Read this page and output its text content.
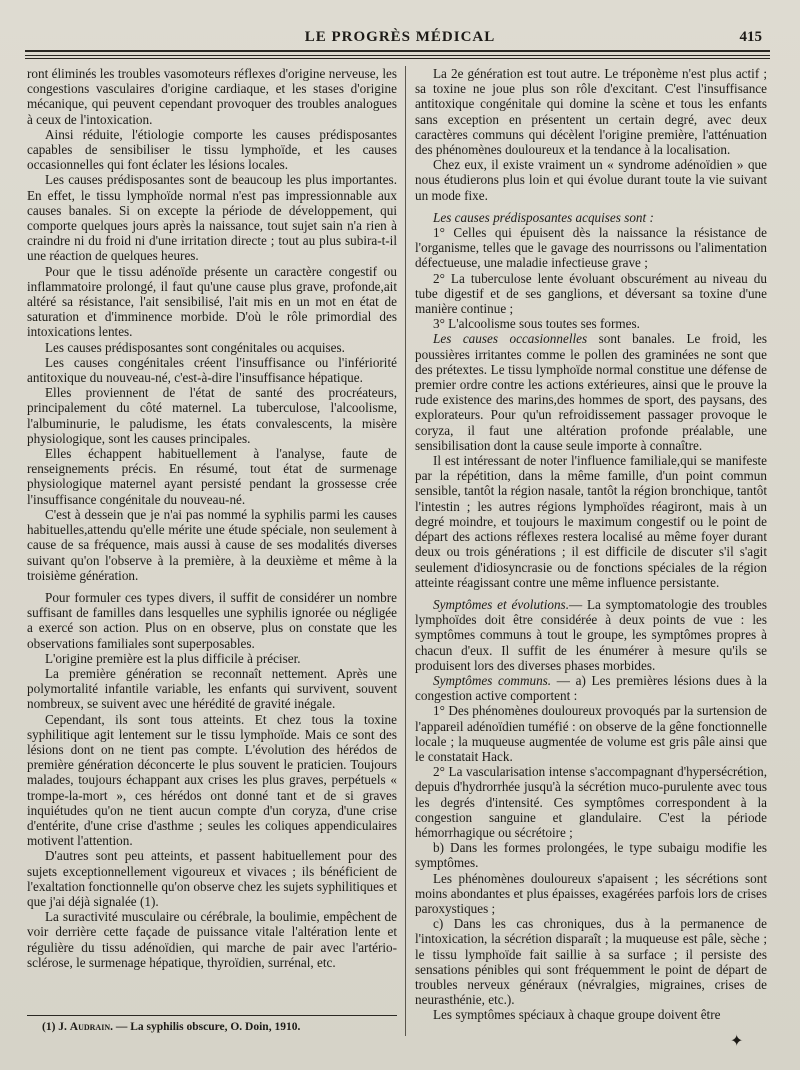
LE PROGRÈS MÉDICAL	415

ront éliminés les troubles vasomoteurs réflexes d'origine nerveuse, les congestions vasculaires d'origine cardiaque, et les stases d'origine mécanique, qui peuvent cependant provoquer des troubles analogues à ceux de l'intoxication.

Ainsi réduite, l'étiologie comporte les causes prédisposantes capables de sensibiliser le tissu lymphoïde, et les causes occasionnelles qui font éclater les lésions locales.

Les causes prédisposantes sont de beaucoup les plus importantes. En effet, le tissu lymphoïde normal n'est pas impressionnable aux causes banales. Si on excepte la période de développement, qui comporte quelques jours après la naissance, tout sujet sain n'a rien à craindre ni du froid ni d'une irritation directe ; tout au plus subira-t-il une réaction de quelques heures.

Pour que le tissu adénoïde présente un caractère congestif ou inflammatoire prolongé, il faut qu'une cause plus grave, profonde,ait altéré sa résistance, l'ait sensibilisé, l'ait mis en un mot en état de saturation et d'imminence morbide. D'où le rôle primordial des intoxications lentes.

Les causes prédisposantes sont congénitales ou acquises.

Les causes congénitales créent l'insuffisance ou l'infériorité antitoxique du nouveau-né, c'est-à-dire l'insuffisance hépatique.

Elles proviennent de l'état de santé des procréateurs, principalement du côté maternel. La tuberculose, l'alcoolisme, l'albuminurie, le paludisme, les états convalescents, la misère physiologique, sont les causes principales.

Elles échappent habituellement à l'analyse, faute de renseignements précis. En résumé, tout état de surmenage physiologique maternel ayant persisté pendant la grossesse crée l'insuffisance congénitale du nouveau-né.

C'est à dessein que je n'ai pas nommé la syphilis parmi les causes habituelles,attendu qu'elle mérite une étude spéciale, non seulement à cause de sa fréquence, mais aussi à cause de ses modalités diverses suivant qu'on l'observe à la première, à la deuxième et même à la troisième génération.

Pour formuler ces types divers, il suffit de considérer un nombre suffisant de familles dans lesquelles une syphilis ignorée ou négligée a exercé son action. Plus on en observe, plus on constate que les observations familiales sont superposables.

L'origine première est la plus difficile à préciser.

La première génération se reconnaît nettement. Après une polymortalité infantile variable, les enfants qui survivent, souvent nombreux, se suivent avec une hérédité de gravité inégale.

Cependant, ils sont tous atteints. Et chez tous la toxine syphilitique agit lentement sur le tissu lymphoïde. Mais ce sont des lésions dont on ne tient pas compte. L'évolution des hérédos de première génération déconcerte le plus souvent le praticien. Toujours malades, toujours échappant aux crises les plus graves, perpétuels « trompe-la-mort », ces hérédos ont donné tant et de si graves inquiétudes qu'on ne tient aucun compte d'un coryza, d'une crise d'entérite, d'une crise d'asthme ; seules les coliques appendiculaires motivent l'attention.

D'autres sont peu atteints, et passent habituellement pour des sujets exceptionnellement vigoureux et vivaces ; ils bénéficient de l'exaltation fonctionnelle qu'on observe chez les sujets syphilitiques et que j'ai déjà signalée (1).

La suractivité musculaire ou cérébrale, la boulimie, empêchent de voir derrière cette façade de puissance vitale l'altération lente et régulière du tissu adénoïdien, qui marche de pair avec l'artério-sclérose, le surmenage hépatique, thyroïdien, surrénal, etc.

La 2e génération est tout autre. Le tréponème n'est plus actif ; sa toxine ne joue plus son rôle d'excitant. C'est l'insuffisance antitoxique congénitale qui domine la scène et tous les enfants sans exception en présentent un certain degré, avec deux caractères communs qui décèlent l'origine première, l'atténuation des phénomènes douloureux et la tendance à la localisation.

Chez eux, il existe vraiment un « syndrome adénoïdien » que nous étudierons plus loin et qui évolue durant toute la vie suivant un mode fixe.

Les causes prédisposantes acquises sont :

1° Celles qui épuisent dès la naissance la résistance de l'organisme, telles que le gavage des nourrissons ou l'alimentation défectueuse, une maladie infectieuse grave ;

2° La tuberculose lente évoluant obscurément au niveau du tube digestif et de ses ganglions, et déversant sa toxine d'une manière continue ;

3° L'alcoolisme sous toutes ses formes.

Les causes occasionnelles sont banales. Le froid, les poussières irritantes comme le pollen des graminées ne sont que des prétextes. Le tissu lymphoïde normal constitue une défense de premier ordre contre les actions extérieures, ainsi que le prouve la rude existence des marins,des hommes de sport, des paysans, des explorateurs. Pour qu'un refroidissement passager provoque le coryza, il faut une altération profonde préalable, une sensibilisation dont la cause seule importe à connaître.

Il est intéressant de noter l'influence familiale,qui se manifeste par la répétition, dans la même famille, d'un point commun sensible, tantôt la région nasale, tantôt la région bronchique, tantôt l'intestin ; les autres régions lymphoïdes réagiront, mais à un degré moindre, et toujours le maximum congestif ou le point de départ des actions réflexes restera localisé au même foyer durant deux ou trois générations ; il est difficile de discuter s'il s'agit seulement d'idiosyncrasie ou de fonctions spéciales de la région atteinte réagissant contre une même influence persistante.

Symptômes et évolutions.— La symptomatologie des troubles lymphoïdes doit être considérée à deux points de vue : les symptômes communs à tout le groupe, les symptômes propres à chacun d'eux. Il suffit de les énumérer à mesure qu'ils se produisent lors des diverses phases morbides.

Symptômes communs. — a) Les premières lésions dues à la congestion active comportent :

1° Des phénomènes douloureux provoqués par la surtension de l'appareil adénoïdien tuméfié : on observe de la gêne fonctionnelle locale ; la muqueuse augmentée de volume est gris pâle ainsi que le constatait Hack.

2° La vascularisation intense s'accompagnant d'hypersécrétion, depuis d'hydrorrhée jusqu'à la sécrétion muco-purulente avec tous les degrés d'intensité. Ces symptômes correspondent à la congestion sanguine et glandulaire. C'est la période hémorrhagique ou sécrétoire ;

b) Dans les formes prolongées, le type subaigu modifie les symptômes.

Les phénomènes douloureux s'apaisent ; les sécrétions sont moins abondantes et plus épaisses, exagérées parfois lors de crises paroxystiques ;

c) Dans les cas chroniques, dus à la permanence de l'intoxication, la sécrétion disparaît ; la muqueuse est pâle, sèche ; le tissu lymphoïde fait saillie à sa surface ; il persiste des sensations pénibles qui sont fréquemment le point de départ de troubles nerveux généraux (névralgies, migraines, crises de neurasthénie, etc.).

Les symptômes spéciaux à chaque groupe doivent être

(1) J. Audrain. — La syphilis obscure, O. Doin, 1910.
✦
